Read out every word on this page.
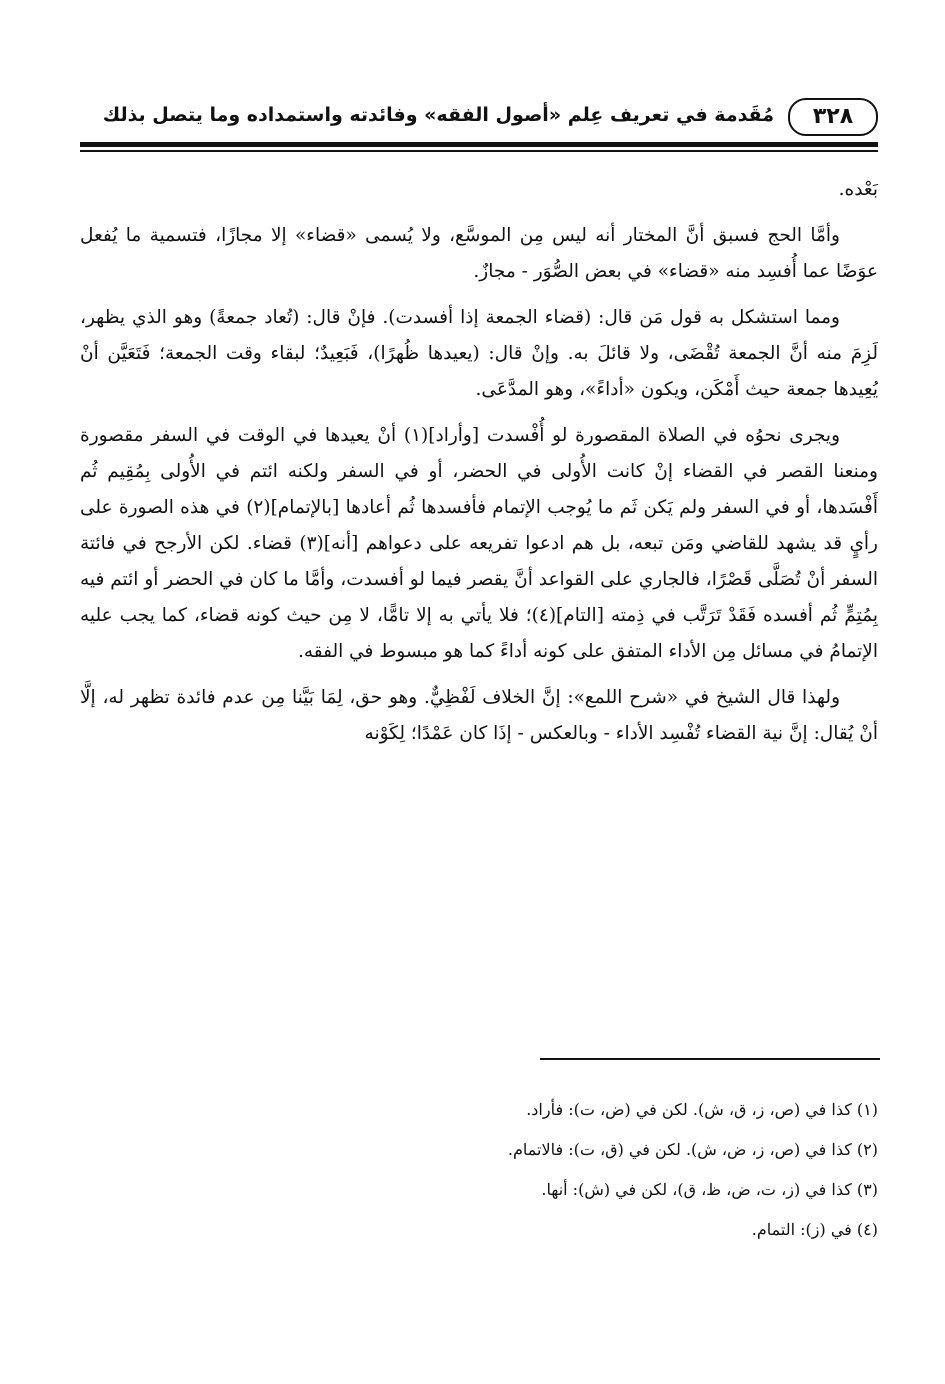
٣٢٨
مُقَدمة في تعريف عِلم «أصول الفقه» وفائدته واستمداده وما يتصل بذلك

بَعْده.

وأمَّا الحج فسبق أنَّ المختار أنه ليس مِن الموسَّع، ولا يُسمى «قضاء» إلا مجازًا، فتسمية ما يُفعل عوَضًا عما أُفسِد منه «قضاء» في بعض الصُّوَر - مجازٌ.

ومما استشكل به قول مَن قال: (قضاء الجمعة إذا أفسدت). فإنْ قال: (تُعاد جمعةً) وهو الذي يظهر، لَزِمَ منه أنَّ الجمعة تُقْضَى، ولا قائلَ به. وإنْ قال: (يعيدها ظُهرًا)، فَبَعِيدٌ؛ لبقاء وقت الجمعة؛ فَتَعَيَّن أنْ يُعِيدها جمعة حيث أَمْكَن، ويكون «أداءً»، وهو المدَّعَى.

ويجرى نحوُه في الصلاة المقصورة لو أُفْسدت [وأراد](١) أنْ يعيدها في الوقت في السفر مقصورة ومنعنا القصر في القضاء إنْ كانت الأُولى في الحضر، أو في السفر ولكنه ائتم في الأُولى بِمُقِيم ثُم أَفْسَدها، أو في السفر ولم يَكن ثَم ما يُوجب الإتمام فأفسدها ثُم أعادها [بالإتمام](٢) في هذه الصورة على رأيٍ قد يشهد للقاضي ومَن تبعه، بل هم ادعوا تفريعه على دعواهم [أنه](٣) قضاء. لكن الأرجح في فائتة السفر أنْ تُصَلَّى قَصْرًا، فالجاري على القواعد أنَّ يقصر فيما لو أفسدت، وأمَّا ما كان في الحضر أو ائتم فيه بِمُتِمٍّ ثُم أفسده فَقَدْ تَرَتَّب في ذِمته [التام](٤)؛ فلا يأتي به إلا تامًّا، لا مِن حيث كونه قضاء، كما يجب عليه الإتمامُ في مسائل مِن الأداء المتفق على كونه أداءً كما هو مبسوط في الفقه.

ولهذا قال الشيخ في «شرح اللمع»: إنَّ الخلاف لَفْظِيٌّ. وهو حق، لِمَا بَيَّنا مِن عدم فائدة تظهر له، إلَّا أنْ يُقال: إنَّ نية القضاء تُفْسِد الأداء - وبالعكس - إذَا كان عَمْدًا؛ لِكَوْنه

(١) كذا في (ص، ز، ق، ش). لكن في (ض، ت): فأراد.

(٢) كذا في (ص، ز، ض، ش). لكن في (ق، ت): فالاتمام.

(٣) كذا في (ز، ت، ض، ظ، ق)، لكن في (ش): أنها.

(٤) في (ز): التمام.
